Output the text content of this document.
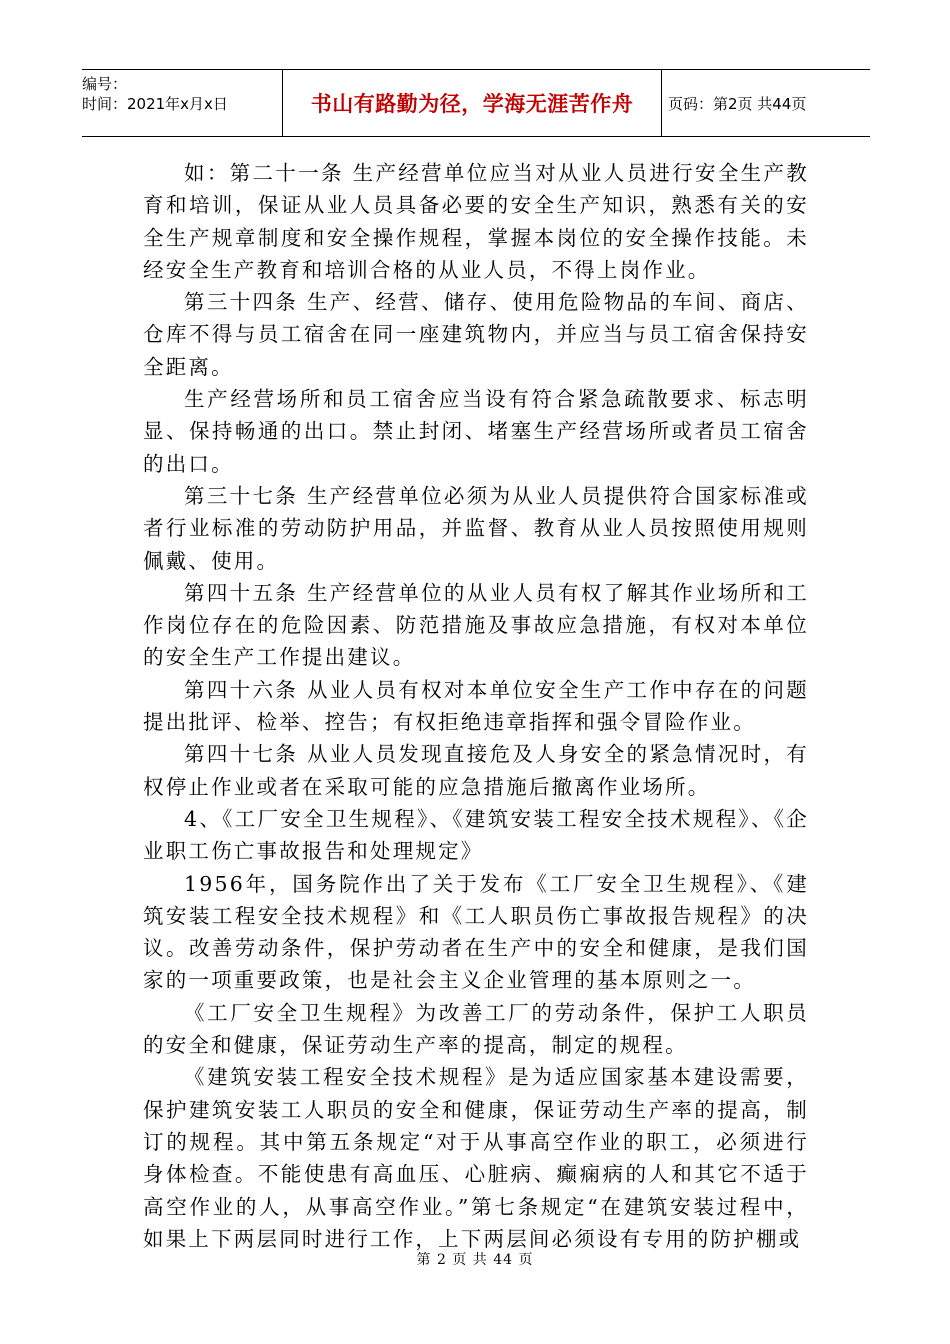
编号：
时间：2021年x月x日	书山有路勤为径，学海无涯苦作舟	页码：第2页 共44页

如：第二十一条 生产经营单位应当对从业人员进行安全生产教育和培训，保证从业人员具备必要的安全生产知识，熟悉有关的安全生产规章制度和安全操作规程，掌握本岗位的安全操作技能。未经安全生产教育和培训合格的从业人员，不得上岗作业。

第三十四条 生产、经营、储存、使用危险物品的车间、商店、仓库不得与员工宿舍在同一座建筑物内，并应当与员工宿舍保持安全距离。

生产经营场所和员工宿舍应当设有符合紧急疏散要求、标志明显、保持畅通的出口。禁止封闭、堵塞生产经营场所或者员工宿舍的出口。

第三十七条 生产经营单位必须为从业人员提供符合国家标准或者行业标准的劳动防护用品，并监督、教育从业人员按照使用规则佩戴、使用。

第四十五条 生产经营单位的从业人员有权了解其作业场所和工作岗位存在的危险因素、防范措施及事故应急措施，有权对本单位的安全生产工作提出建议。

第四十六条 从业人员有权对本单位安全生产工作中存在的问题提出批评、检举、控告；有权拒绝违章指挥和强令冒险作业。

第四十七条 从业人员发现直接危及人身安全的紧急情况时，有权停止作业或者在采取可能的应急措施后撤离作业场所。

4、《工厂安全卫生规程》、《建筑安装工程安全技术规程》、《企业职工伤亡事故报告和处理规定》

1956年，国务院作出了关于发布《工厂安全卫生规程》、《建筑安装工程安全技术规程》和《工人职员伤亡事故报告规程》的决议。改善劳动条件，保护劳动者在生产中的安全和健康，是我们国家的一项重要政策，也是社会主义企业管理的基本原则之一。

《工厂安全卫生规程》为改善工厂的劳动条件，保护工人职员的安全和健康，保证劳动生产率的提高，制定的规程。

《建筑安装工程安全技术规程》是为适应国家基本建设需要，保护建筑安装工人职员的安全和健康，保证劳动生产率的提高，制订的规程。其中第五条规定“对于从事高空作业的职工，必须进行身体检查。不能使患有高血压、心脏病、癫痫病的人和其它不适于高空作业的人，从事高空作业。”第七条规定“在建筑安装过程中，如果上下两层同时进行工作，上下两层间必须设有专用的防护棚或

第 2 页 共 44 页
